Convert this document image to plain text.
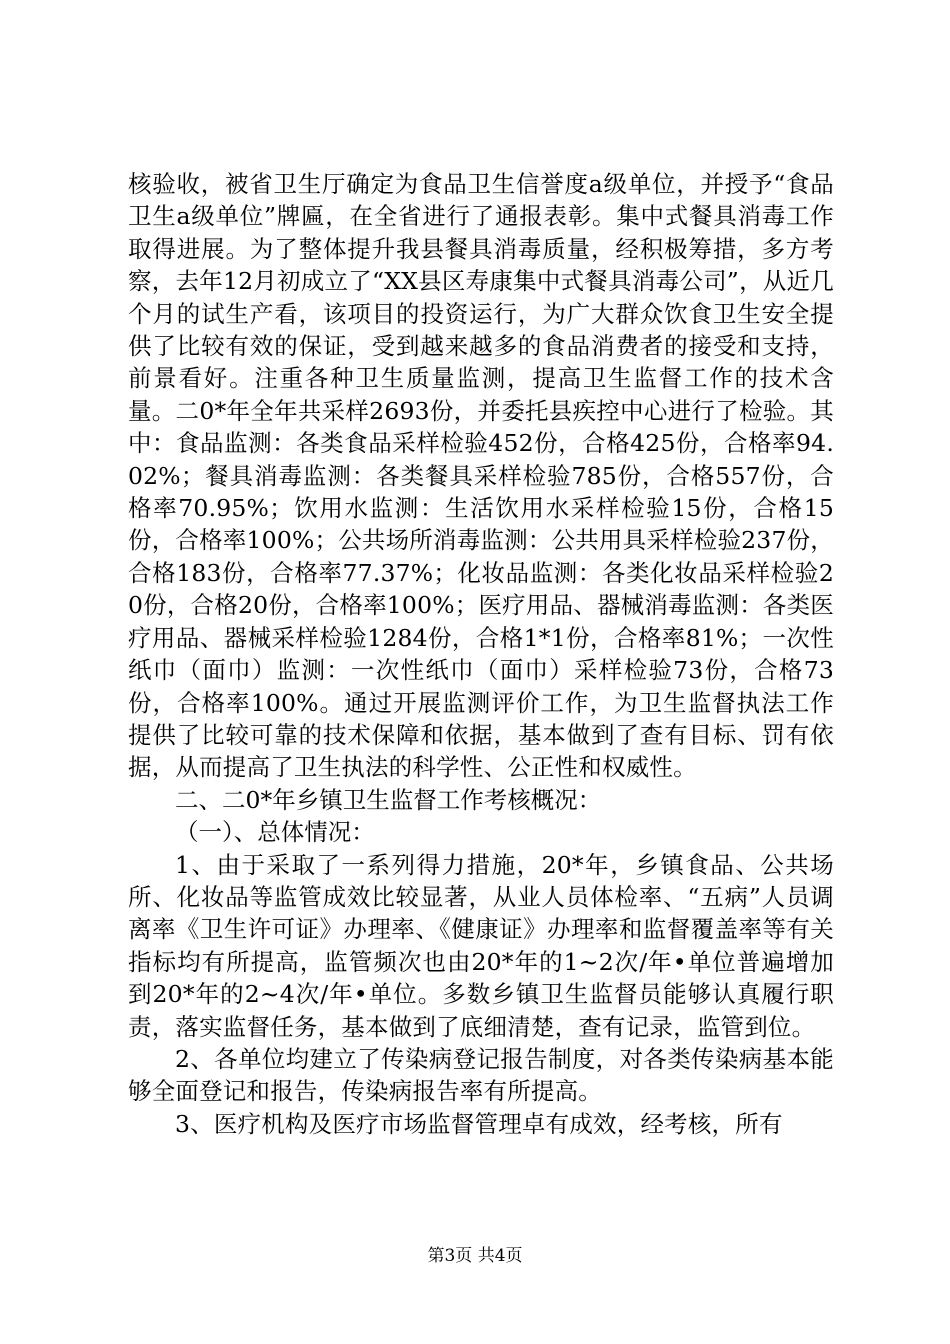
核验收，被省卫生厅确定为食品卫生信誉度a级单位，并授予“食品卫生a级单位”牌匾，在全省进行了通报表彰。集中式餐具消毒工作取得进展。为了整体提升我县餐具消毒质量，经积极筹措，多方考察，去年12月初成立了“XX县区寿康集中式餐具消毒公司”，从近几个月的试生产看，该项目的投资运行，为广大群众饮食卫生安全提供了比较有效的保证，受到越来越多的食品消费者的接受和支持，前景看好。注重各种卫生质量监测，提高卫生监督工作的技术含量。二0*年全年共采样2693份，并委托县疾控中心进行了检验。其中：食品监测：各类食品采样检验452份，合格425份，合格率94.02%；餐具消毒监测：各类餐具采样检验785份，合格557份，合格率70.95%；饮用水监测：生活饮用水采样检验15份，合格15份，合格率100%；公共场所消毒监测：公共用具采样检验237份，合格183份，合格率77.37%；化妆品监测：各类化妆品采样检验20份，合格20份，合格率100%；医疗用品、器械消毒监测：各类医疗用品、器械采样检验1284份，合格1*1份，合格率81%；一次性纸巾（面巾）监测：一次性纸巾（面巾）采样检验73份，合格73份，合格率100%。通过开展监测评价工作，为卫生监督执法工作提供了比较可靠的技术保障和依据，基本做到了查有目标、罚有依据，从而提高了卫生执法的科学性、公正性和权威性。

二、二0*年乡镇卫生监督工作考核概况：

（一）、总体情况：

1、由于采取了一系列得力措施，20*年，乡镇食品、公共场所、化妆品等监管成效比较显著，从业人员体检率、“五病”人员调离率《卫生许可证》办理率、《健康证》办理率和监督覆盖率等有关指标均有所提高，监管频次也由20*年的1~2次/年•单位普遍增加到20*年的2~4次/年•单位。多数乡镇卫生监督员能够认真履行职责，落实监督任务，基本做到了底细清楚，查有记录，监管到位。

2、各单位均建立了传染病登记报告制度，对各类传染病基本能够全面登记和报告，传染病报告率有所提高。

3、医疗机构及医疗市场监督管理卓有成效，经考核，所有

第3页 共4页
